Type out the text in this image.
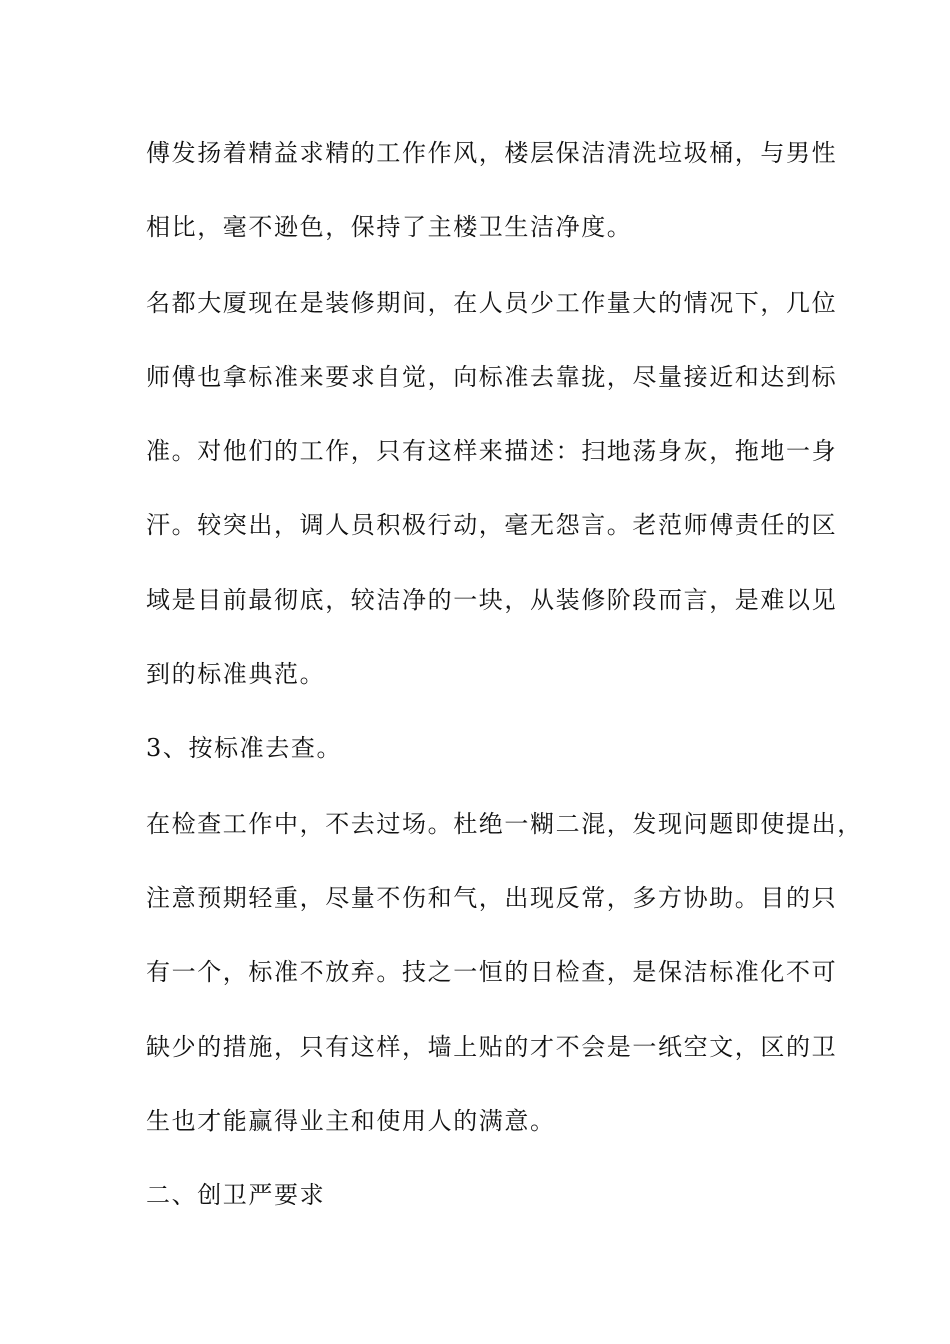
傅发扬着精益求精的工作作风，楼层保洁清洗垃圾桶，与男性
相比，毫不逊色，保持了主楼卫生洁净度。
名都大厦现在是装修期间，在人员少工作量大的情况下，几位
师傅也拿标准来要求自觉，向标准去靠拢，尽量接近和达到标
准。对他们的工作，只有这样来描述：扫地荡身灰，拖地一身
汗。较突出，调人员积极行动，毫无怨言。老范师傅责任的区
域是目前最彻底，较洁净的一块，从装修阶段而言，是难以见
到的标准典范。
3、按标准去查。
在检查工作中，不去过场。杜绝一糊二混，发现问题即使提出，
注意预期轻重，尽量不伤和气，出现反常，多方协助。目的只
有一个，标准不放弃。技之一恒的日检查，是保洁标准化不可
缺少的措施，只有这样，墙上贴的才不会是一纸空文，区的卫
生也才能赢得业主和使用人的满意。
二、创卫严要求
